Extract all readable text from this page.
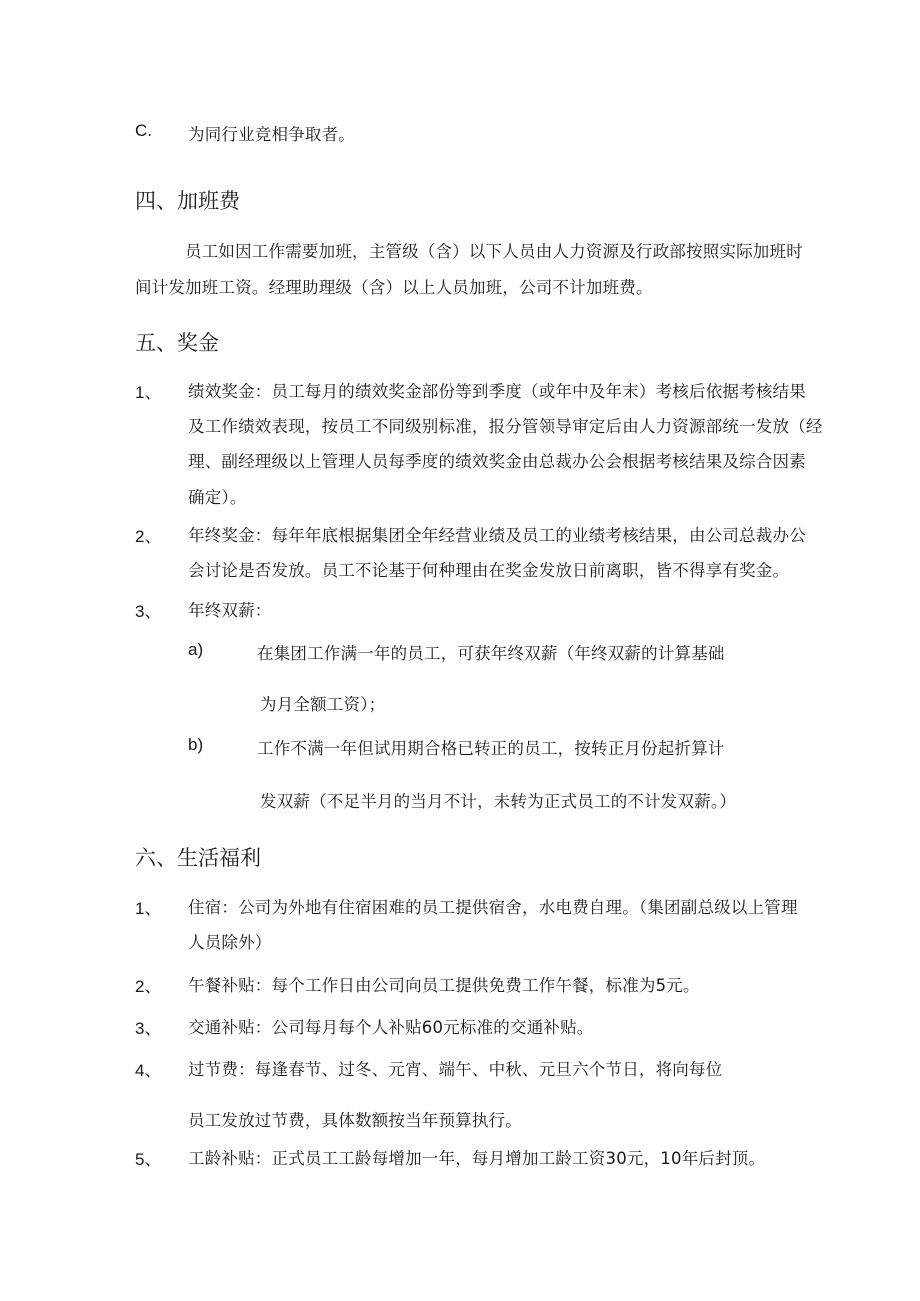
C. 为同行业竞相争取者。
四、加班费
员工如因工作需要加班，主管级（含）以下人员由人力资源及行政部按照实际加班时
间计发加班工资。经理助理级（含）以上人员加班，公司不计加班费。
五、奖金
1、 绩效奖金：员工每月的绩效奖金部份等到季度（或年中及年末）考核后依据考核结果
及工作绩效表现，按员工不同级别标准，报分管领导审定后由人力资源部统一发放（经
理、副经理级以上管理人员每季度的绩效奖金由总裁办公会根据考核结果及综合因素
确定）。
2、 年终奖金：每年年底根据集团全年经营业绩及员工的业绩考核结果，由公司总裁办公
会讨论是否发放。员工不论基于何种理由在奖金发放日前离职，皆不得享有奖金。
3、 年终双薪：
a)	在集团工作满一年的员工，可获年终双薪（年终双薪的计算基础
为月全额工资）；
b)	工作不满一年但试用期合格已转正的员工，按转正月份起折算计
发双薪（不足半月的当月不计，未转为正式员工的不计发双薪。）
六、生活福利
1、 住宿：公司为外地有住宿困难的员工提供宿舍，水电费自理。（集团副总级以上管理
人员除外）
2、 午餐补贴：每个工作日由公司向员工提供免费工作午餐，标准为5元。
3、 交通补贴：公司每月每个人补贴60元标准的交通补贴。
4、 过节费：每逢春节、过冬、元宵、端午、中秋、元旦六个节日，将向每位
员工发放过节费，具体数额按当年预算执行。
5、 工龄补贴：正式员工工龄每增加一年，每月增加工龄工资30元，10年后封顶。
